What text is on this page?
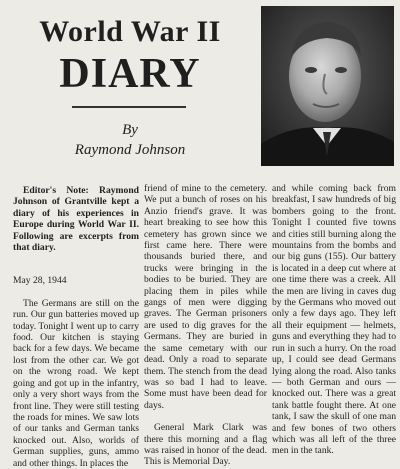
World War II
DIARY
By
Raymond Johnson

Editor's Note: Raymond Johnson of Grantville kept a diary of his experiences in Europe during World War II. Following are excerpts from that diary.

May 28, 1944

The Germans are still on the run. Our gun batteries moved up today. Tonight I went up to carry food. Our kitchen is staying back for a few days. We became lost from the other car. We got on the wrong road. We kept going and got up in the infantry, only a very short ways from the front line. They were still testing the roads for mines. We saw lots of our tanks and German tanks knocked out. Also, worlds of German supplies, guns, ammo and other things. In places the

friend of mine to the cemetery. We put a bunch of roses on his Anzio friend's grave. It was heart breaking to see how this cemetery has grown since we first came here. There were thousands buried there, and trucks were bringing in the bodies to be buried. They are placing them in piles while gangs of men were digging graves. The German prisoners are used to dig graves for the Germans. They are buried in the same cemetary with our dead. Only a road to separate them. The stench from the dead was so bad I had to leave. Some must have been dead for days.

General Mark Clark was there this morning and a flag was raised in honor of the dead. This is Memorial Day.

and while coming back from breakfast, I saw hundreds of big bombers going to the front. Tonight I counted five towns and cities still burning along the mountains from the bombs and our big guns (155). Our battery is located in a deep cut where at one time there was a creek. All the men are living in caves dug by the Germans who moved out only a few days ago. They left all their equipment — helmets, guns and everything they had to run in such a hurry. On the road up, I could see dead Germans lying along the road. Also tanks — both German and ours — knocked out. There was a great tank battle fought there. At one tank, I saw the skull of one man and few bones of two others which was all left of the three men in the tank.
